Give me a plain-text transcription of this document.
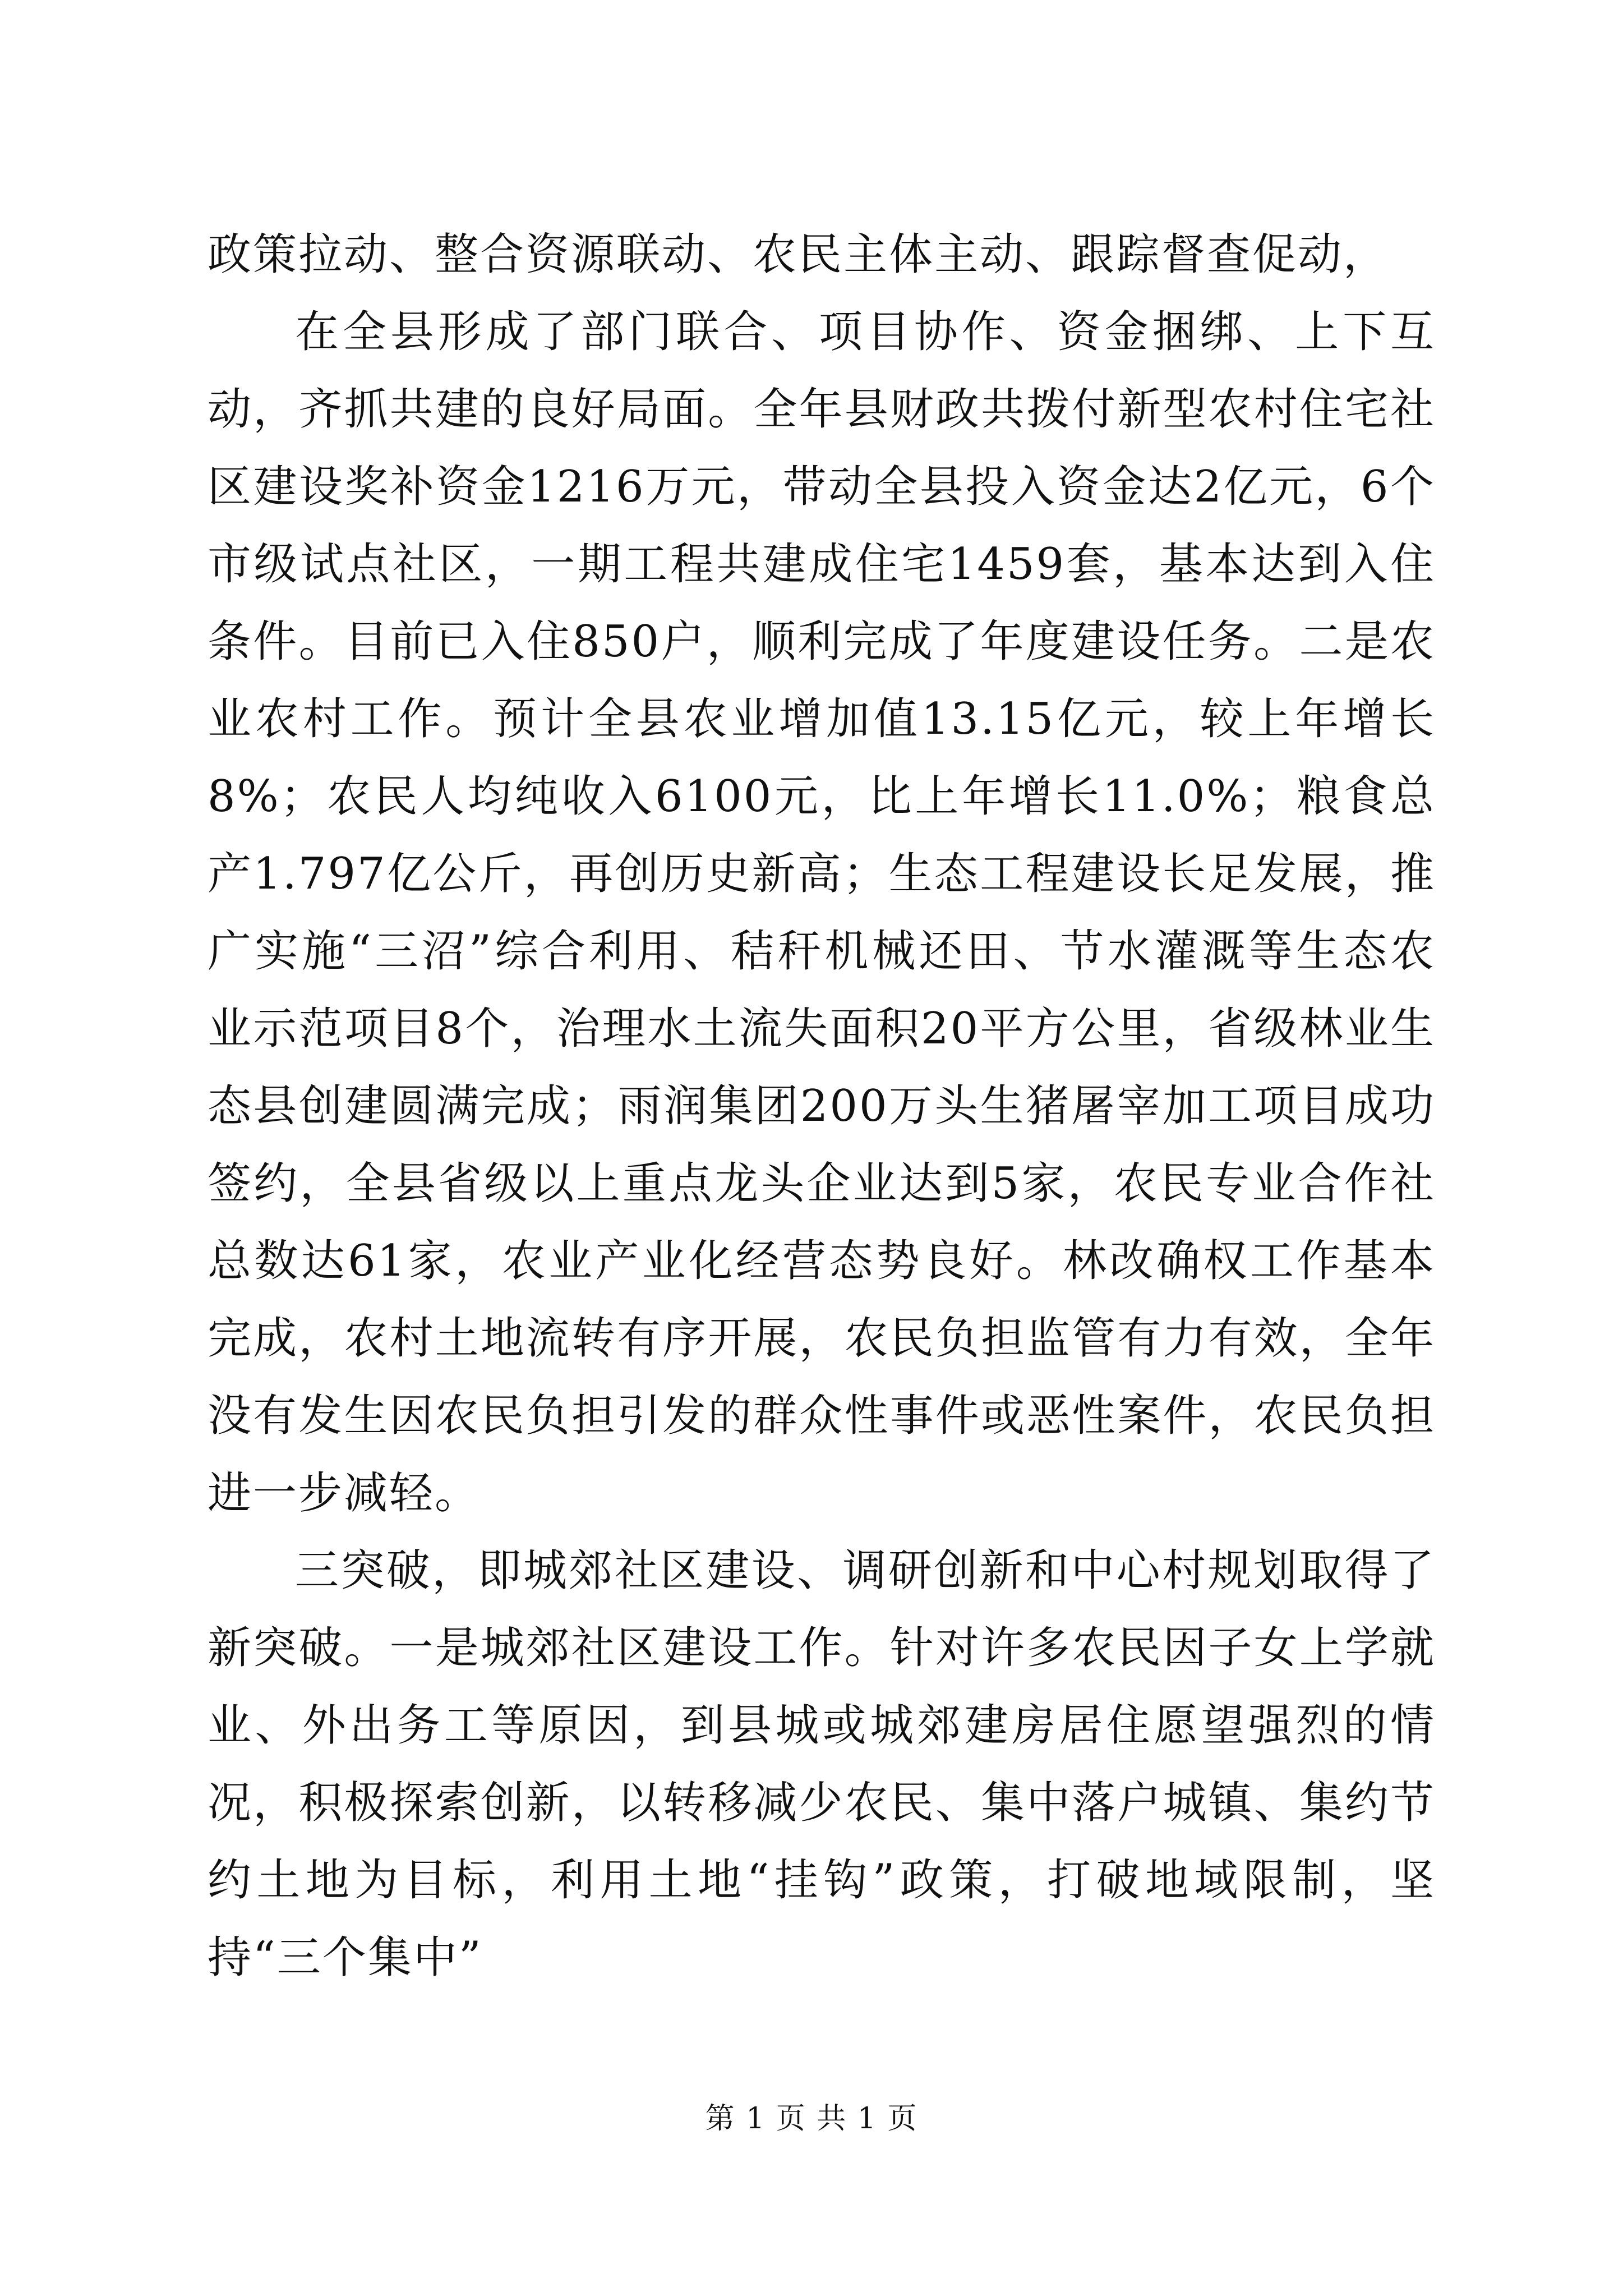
政策拉动、整合资源联动、农民主体主动、跟踪督查促动，

在全县形成了部门联合、项目协作、资金捆绑、上下互动，齐抓共建的良好局面。全年县财政共拨付新型农村住宅社区建设奖补资金1216万元，带动全县投入资金达2亿元，6个市级试点社区，一期工程共建成住宅1459套，基本达到入住条件。目前已入住850户，顺利完成了年度建设任务。二是农业农村工作。预计全县农业增加值13.15亿元，较上年增长8%；农民人均纯收入6100元，比上年增长11.0%；粮食总产1.797亿公斤，再创历史新高；生态工程建设长足发展，推广实施“三沼”综合利用、秸秆机械还田、节水灌溉等生态农业示范项目8个，治理水土流失面积20平方公里，省级林业生态县创建圆满完成；雨润集团200万头生猪屠宰加工项目成功签约，全县省级以上重点龙头企业达到5家，农民专业合作社总数达61家，农业产业化经营态势良好。林改确权工作基本完成，农村土地流转有序开展，农民负担监管有力有效，全年没有发生因农民负担引发的群众性事件或恶性案件，农民负担进一步减轻。

三突破，即城郊社区建设、调研创新和中心村规划取得了新突破。一是城郊社区建设工作。针对许多农民因子女上学就业、外出务工等原因，到县城或城郊建房居住愿望强烈的情况，积极探索创新，以转移减少农民、集中落户城镇、集约节约土地为目标，利用土地“挂钩”政策，打破地域限制，坚持“三个集中”

第 1 页 共 1 页
